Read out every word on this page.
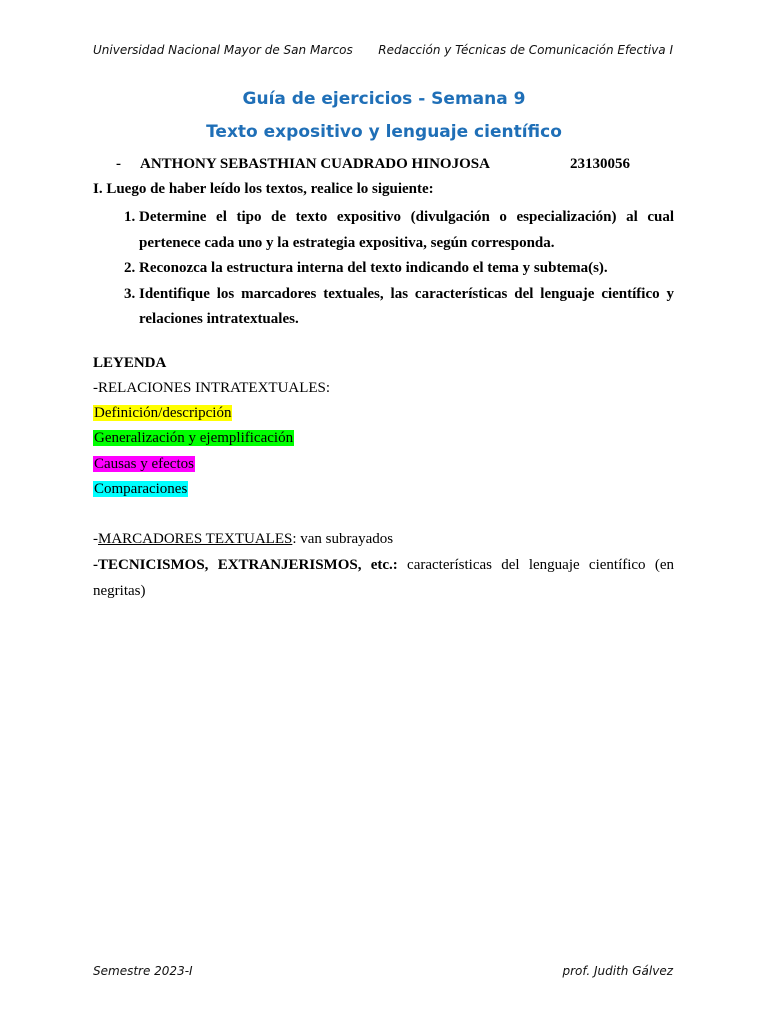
Universidad Nacional Mayor de San Marcos Redacción y Técnicas de Comunicación Efectiva I
Guía de ejercicios - Semana 9
Texto expositivo y lenguaje científico
- ANTHONY SEBASTHIAN CUADRADO HINOJOSA	23130056
I. Luego de haber leído los textos, realice lo siguiente:
1. Determine el tipo de texto expositivo (divulgación o especialización) al cual pertenece cada uno y la estrategia expositiva, según corresponda.
2. Reconozca la estructura interna del texto indicando el tema y subtema(s).
3. Identifique los marcadores textuales, las características del lenguaje científico y relaciones intratextuales.
LEYENDA
-RELACIONES INTRATEXTUALES:
Definición/descripción
Generalización y ejemplificación
Causas y efectos
Comparaciones
-MARCADORES TEXTUALES: van subrayados
-TECNICISMOS, EXTRANJERISMOS, etc.: características del lenguaje científico (en negritas)
Semestre 2023-I	prof. Judith Gálvez
